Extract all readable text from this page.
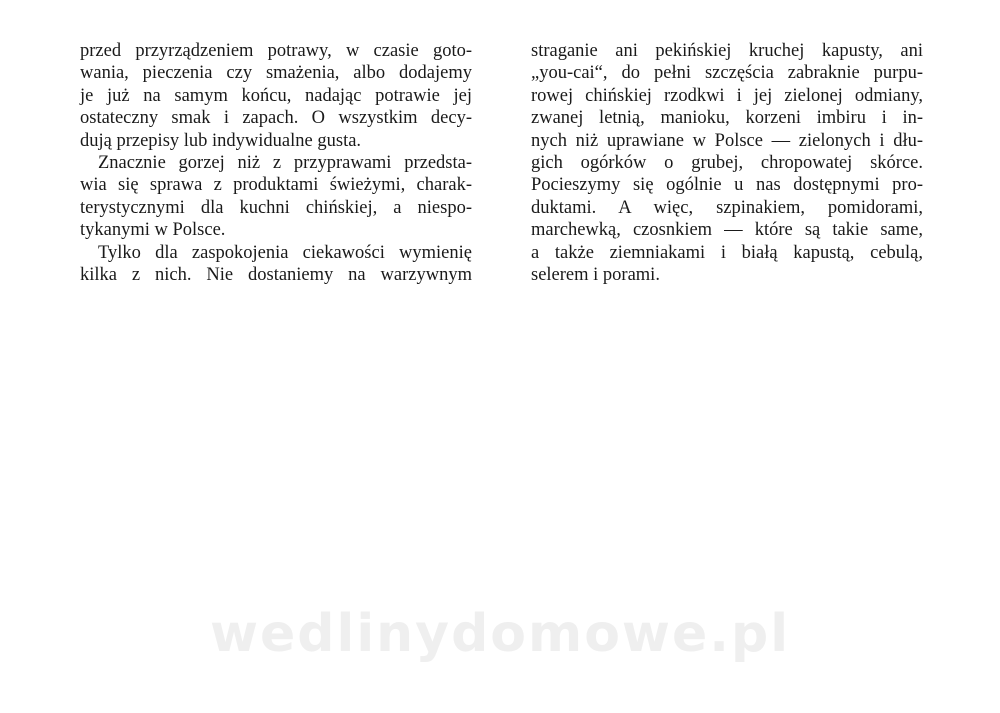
przed przyrządzeniem potrawy, w czasie goto-
wania, pieczenia czy smażenia, albo dodajemy
je już na samym końcu, nadając potrawie jej
ostateczny smak i zapach. O wszystkim decy-
dują przepisy lub indywidualne gusta.
Znacznie gorzej niż z przyprawami przedsta-
wia się sprawa z produktami świeżymi, charak-
terystycznymi dla kuchni chińskiej, a niespo-
tykanymi w Polsce.
Tylko dla zaspokojenia ciekawości wymienię
kilka z nich. Nie dostaniemy na warzywnym
straganie ani pekińskiej kruchej kapusty, ani
„you-cai“, do pełni szczęścia zabraknie purpu-
rowej chińskiej rzodkwi i jej zielonej odmiany,
zwanej letnią, manioku, korzeni imbiru i in-
nych niż uprawiane w Polsce — zielonych i dłu-
gich ogórków o grubej, chropowatej skórce.
Pocieszymy się ogólnie u nas dostępnymi pro-
duktami. A więc, szpinakiem, pomidorami,
marchewką, czosnkiem — które są takie same,
a także ziemniakami i białą kapustą, cebulą,
selerem i porami.
wedlinydomowe.pl
